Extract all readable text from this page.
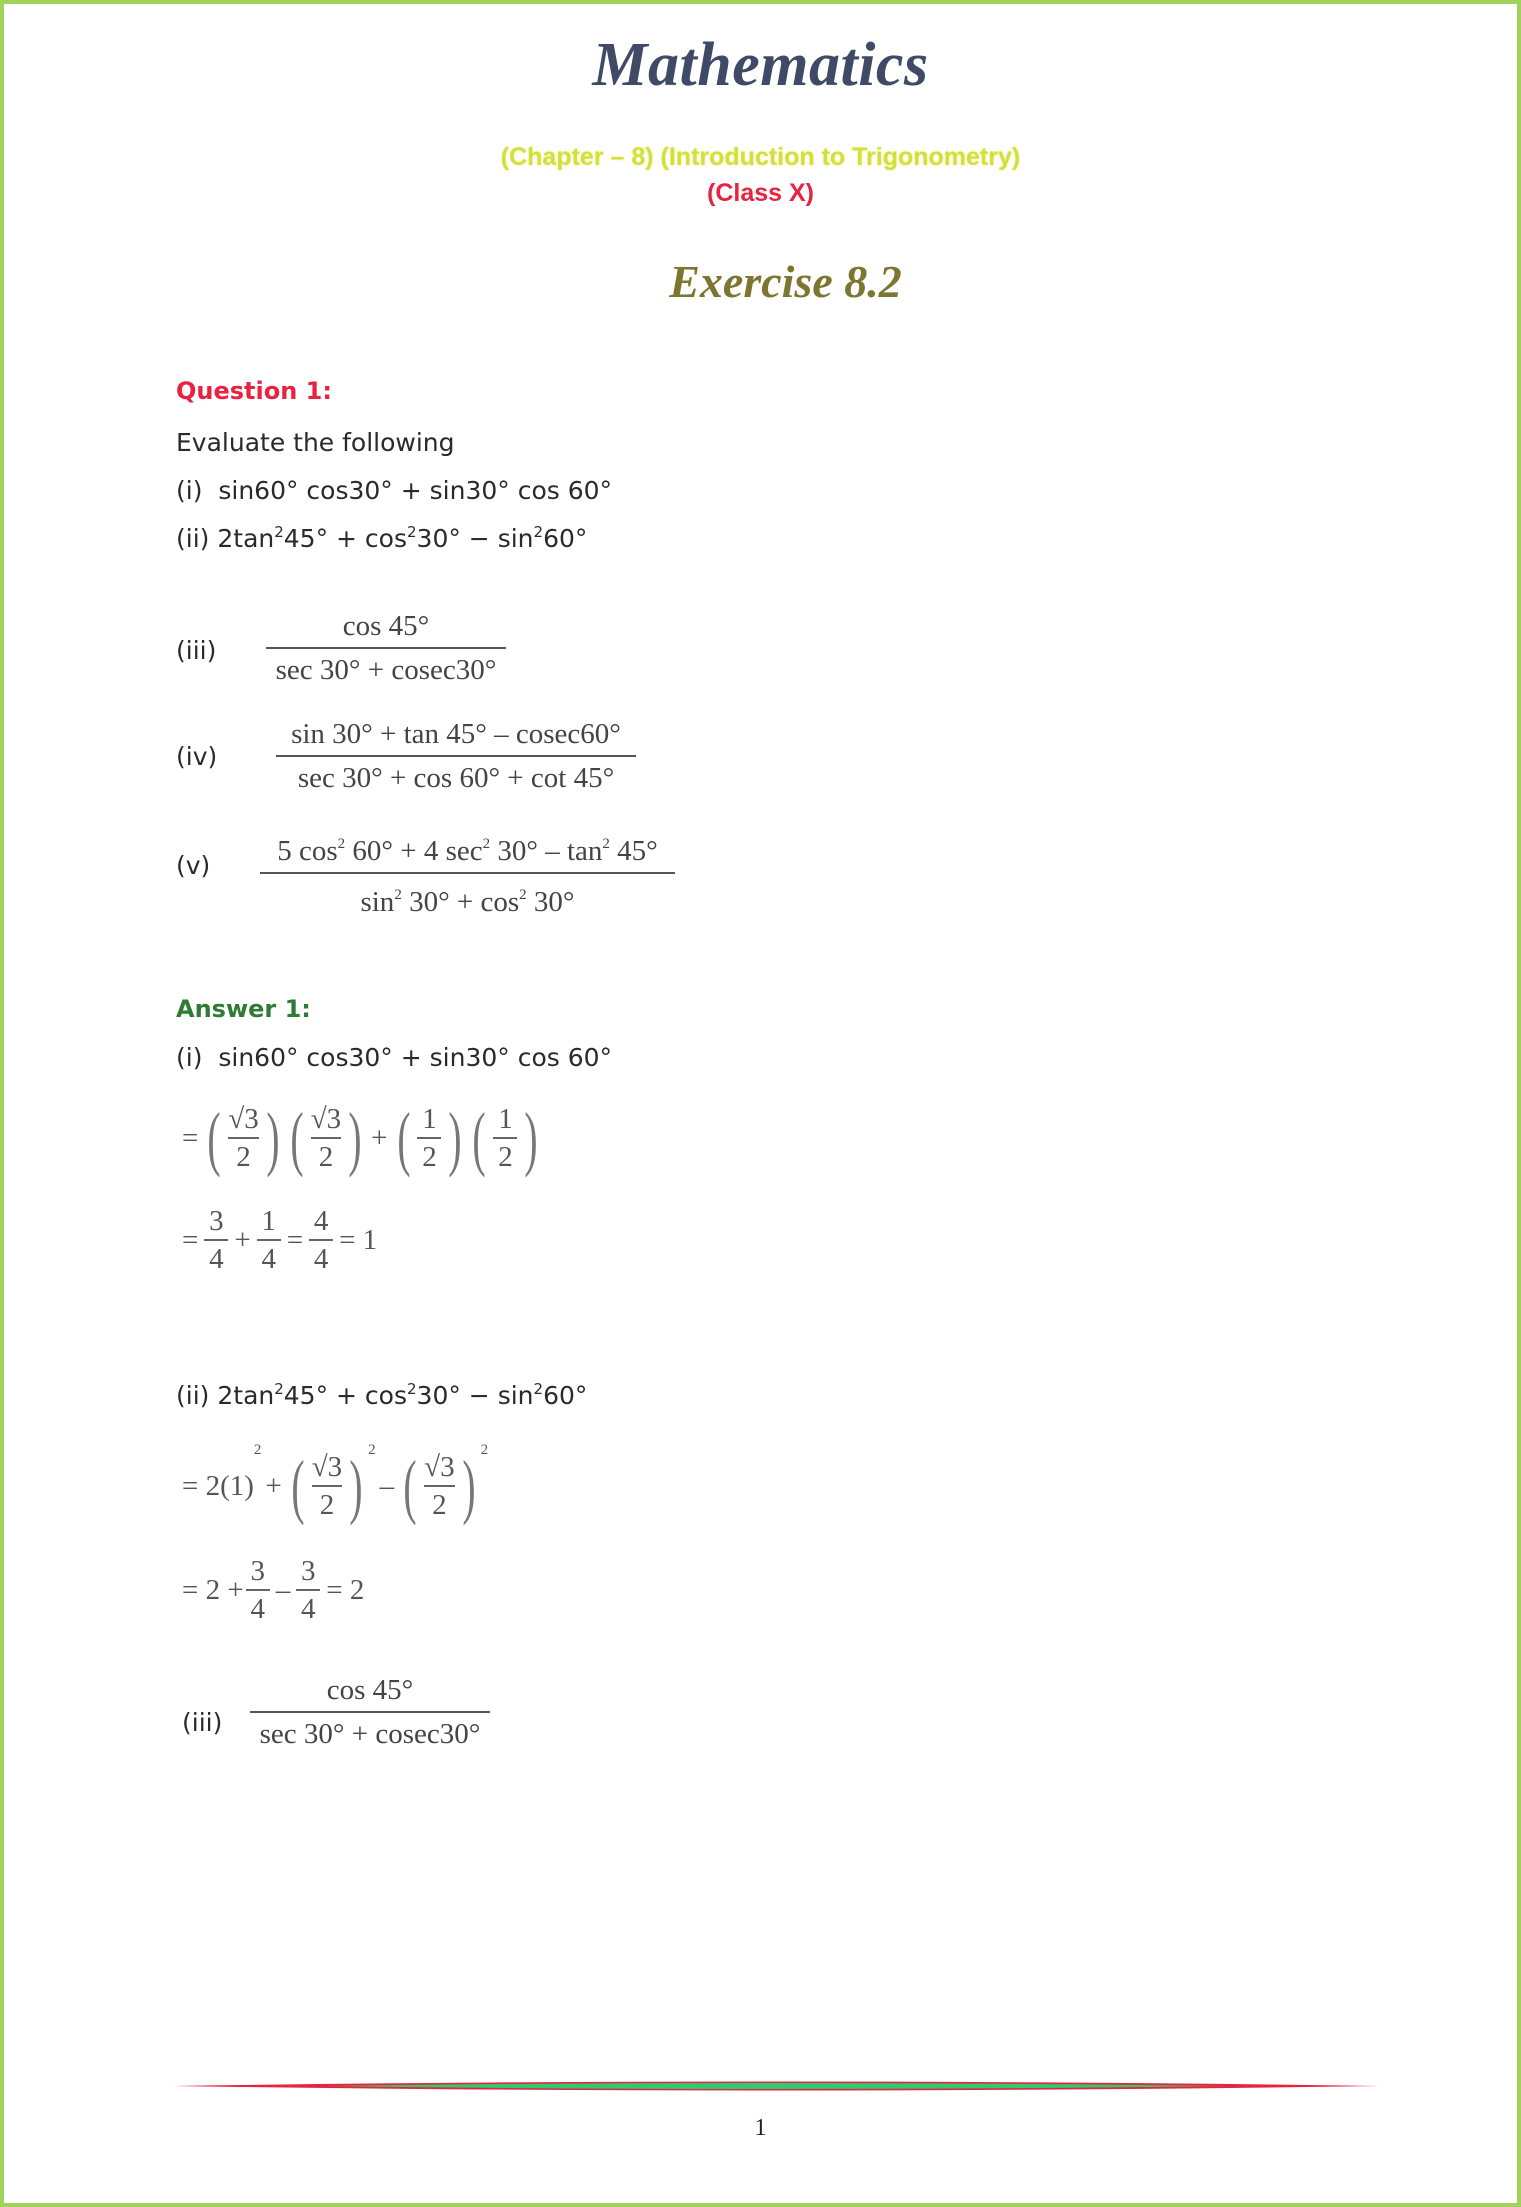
Mathematics
(Chapter – 8) (Introduction to Trigonometry)
(Class X)
Exercise 8.2
Question 1:
Evaluate the following
(i) sin60° cos30° + sin30° cos 60°
(ii) $2\tan^245^\circ + \cos^230^\circ - \sin^260^\circ$
(iii)
cos 45°
sec 30° + cosec30°
(iv)
sin 30° + tan 45° – cosec60°
sec 30° + cos 60° + cot 45°
(v)	5 $\cos^2 60^\circ + 4$ $\sec^2 30^\circ - \tan^2 45^\circ$
$\sin^2 30^\circ + \cos^2 30^\circ$
Answer 1:
(i) sin60° cos30° + sin30° cos 60°
= ( √3
2 ) ( √3
2 ) + ( 1
2 ) ( 1
2 )
=
3
4
+
1
4
=
4
4
= 1
(ii) $2\tan^245^\circ + \cos^230^\circ - \sin^260^\circ$
= 2(1)
2
+ ( √3
2 ) 2
– ( √3
2 ) 2
= 2 +
3
4
–
3
4
= 2
(iii)
cos 45°
sec 30° + cosec30°
1
